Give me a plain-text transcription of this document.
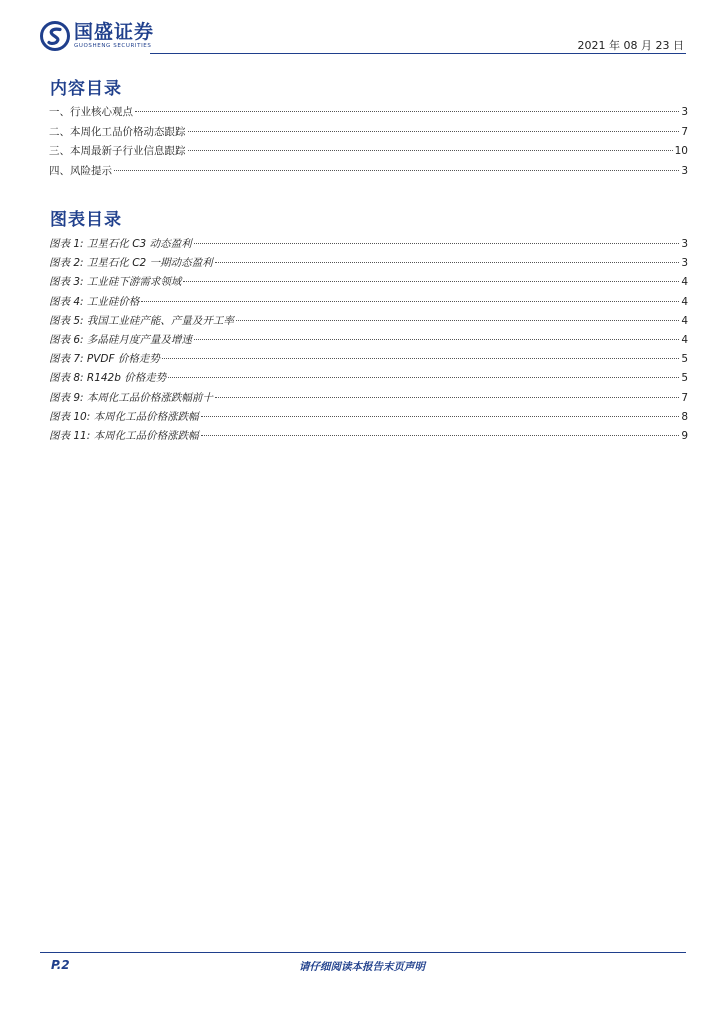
国盛证券
GUOSHENG SECURITIES	2021 年 08 月 23 日
内容目录
一、行业核心观点	3
二、本周化工品价格动态跟踪	7
三、本周最新子行业信息跟踪	10
四、风险提示	3
图表目录
图表 1: 卫星石化 C3 动态盈利	3
图表 2: 卫星石化 C2 一期动态盈利	3
图表 3: 工业硅下游需求领域	4
图表 4: 工业硅价格	4
图表 5: 我国工业硅产能、产量及开工率	4
图表 6: 多晶硅月度产量及增速	4
图表 7: PVDF 价格走势	5
图表 8: R142b 价格走势	5
图表 9: 本周化工品价格涨跌幅前十	7
图表 10: 本周化工品价格涨跌幅	8
图表 11: 本周化工品价格涨跌幅	9
P.2	请仔细阅读本报告末页声明
